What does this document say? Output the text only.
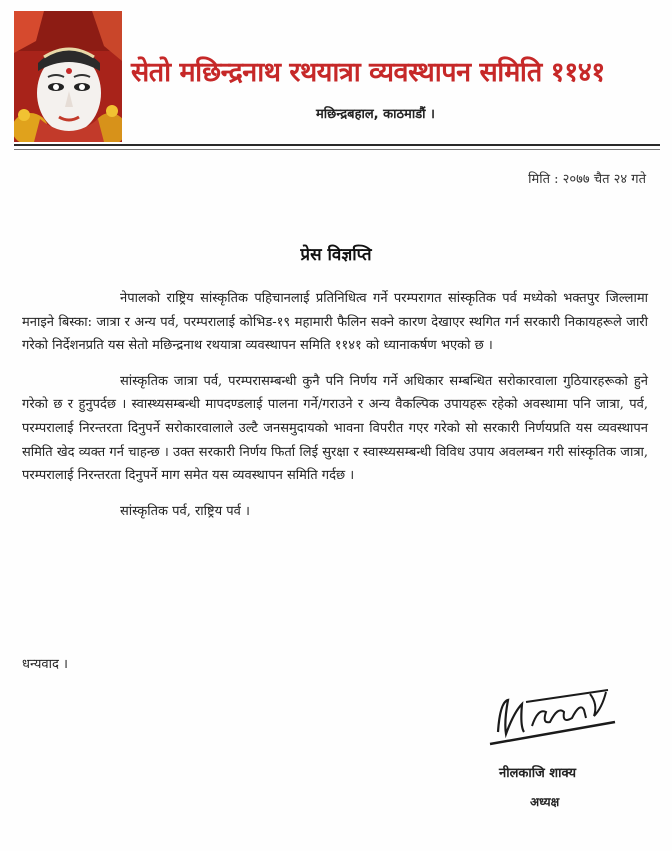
सेतो मछिन्द्रनाथ रथयात्रा व्यवस्थापन समिति ११४१
मछिन्द्रबहाल, काठमाडौं ।
मिति : २०७७ चैत २४ गते
प्रेस विज्ञप्ति

नेपालको राष्ट्रिय सांस्कृतिक पहिचानलाई प्रतिनिधित्व गर्ने परम्परागत सांस्कृतिक पर्व मध्येको भक्तपुर जिल्लामा मनाइने बिस्का: जात्रा र अन्य पर्व, परम्परालाई कोभिड-१९ महामारी फैलिन सक्ने कारण देखाएर स्थगित गर्न सरकारी निकायहरूले जारी गरेको निर्देशनप्रति यस सेतो मछिन्द्रनाथ रथयात्रा व्यवस्थापन समिति ११४१ को ध्यानाकर्षण भएको छ ।

सांस्कृतिक जात्रा पर्व, परम्परासम्बन्धी कुनै पनि निर्णय गर्ने अधिकार सम्बन्धित सरोकारवाला गुठियारहरूको हुने गरेको छ र हुनुपर्दछ । स्वास्थ्यसम्बन्धी मापदण्डलाई पालना गर्ने/गराउने र अन्य वैकल्पिक उपायहरू रहेको अवस्थामा पनि जात्रा, पर्व, परम्परालाई निरन्तरता दिनुपर्ने सरोकारवालाले उल्टै जनसमुदायको भावना विपरीत गएर गरेको सो सरकारी निर्णयप्रति यस व्यवस्थापन समिति खेद व्यक्त गर्न चाहन्छ । उक्त सरकारी निर्णय फिर्ता लिई सुरक्षा र स्वास्थ्यसम्बन्धी विविध उपाय अवलम्बन गरी सांस्कृतिक जात्रा, परम्परालाई निरन्तरता दिनुपर्ने माग समेत यस व्यवस्थापन समिति गर्दछ ।

सांस्कृतिक पर्व, राष्ट्रिय पर्व ।

धन्यवाद ।
नीलकाजि शाक्य
अध्यक्ष
